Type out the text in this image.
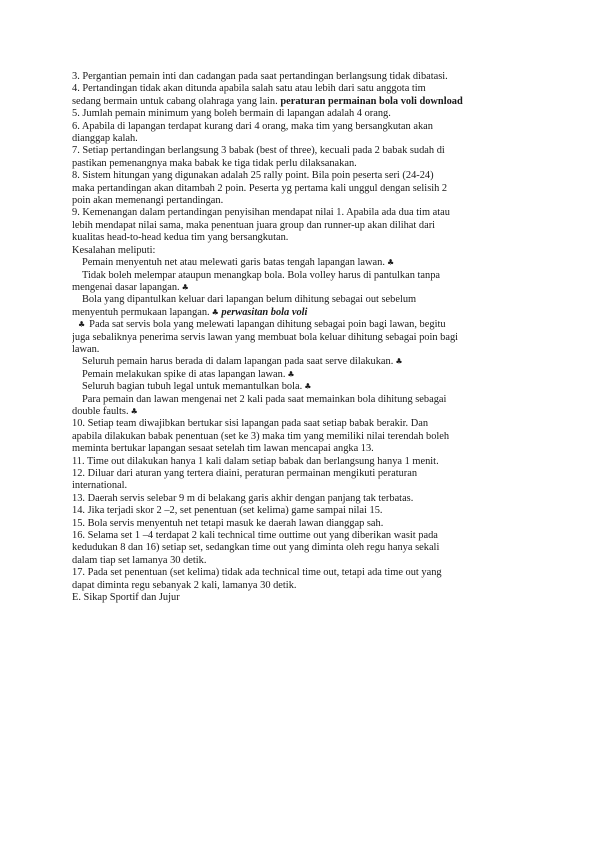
3. Pergantian pemain inti dan cadangan pada saat pertandingan berlangsung tidak dibatasi.
4. Pertandingan tidak akan ditunda apabila salah satu atau lebih dari satu anggota tim
sedang bermain untuk cabang olahraga yang lain. peraturan permainan bola voli download
5. Jumlah pemain minimum yang boleh bermain di lapangan adalah 4 orang.
6. Apabila di lapangan terdapat kurang dari 4 orang, maka tim yang bersangkutan akan
dianggap kalah.
7. Setiap pertandingan berlangsung 3 babak (best of three), kecuali pada 2 babak sudah di
pastikan pemenangnya maka babak ke tiga tidak perlu dilaksanakan.
8. Sistem hitungan yang digunakan adalah 25 rally point. Bila poin peserta seri (24-24)
maka pertandingan akan ditambah 2 poin. Peserta yg pertama kali unggul dengan selisih 2
poin akan memenangi pertandingan.
9. Kemenangan dalam pertandingan penyisihan mendapat nilai 1. Apabila ada dua tim atau
lebih mendapat nilai sama, maka penentuan juara group dan runner-up akan dilihat dari
kualitas head-to-head kedua tim yang bersangkutan.
Kesalahan meliputi:
Pemain menyentuh net atau melewati garis batas tengah lapangan lawan. ♣
Tidak boleh melempar ataupun menangkap bola. Bola volley harus di pantulkan tanpa
mengenai dasar lapangan. ♣
Bola yang dipantulkan keluar dari lapangan belum dihitung sebagai out sebelum
menyentuh permukaan lapangan. ♣ perwasitan bola voli
♣ Pada sat servis bola yang melewati lapangan dihitung sebagai poin bagi lawan, begitu
juga sebaliknya penerima servis lawan yang membuat bola keluar dihitung sebagai poin bagi
lawan.
Seluruh pemain harus berada di dalam lapangan pada saat serve dilakukan. ♣
Pemain melakukan spike di atas lapangan lawan. ♣
Seluruh bagian tubuh legal untuk memantulkan bola. ♣
Para pemain dan lawan mengenai net 2 kali pada saat memainkan bola dihitung sebagai
double faults. ♣
10. Setiap team diwajibkan bertukar sisi lapangan pada saat setiap babak berakir. Dan
apabila dilakukan babak penentuan (set ke 3) maka tim yang memiliki nilai terendah boleh
meminta bertukar lapangan sesaat setelah tim lawan mencapai angka 13.
11. Time out dilakukan hanya 1 kali dalam setiap babak dan berlangsung hanya 1 menit.
12. Diluar dari aturan yang tertera diaini, peraturan permainan mengikuti peraturan
international.
13. Daerah servis selebar 9 m di belakang garis akhir dengan panjang tak terbatas.
14. Jika terjadi skor 2 –2, set penentuan (set kelima) game sampai nilai 15.
15. Bola servis menyentuh net tetapi masuk ke daerah lawan dianggap sah.
16. Selama set 1 –4 terdapat 2 kali technical time outtime out yang diberikan wasit pada
kedudukan 8 dan 16) setiap set, sedangkan time out yang diminta oleh regu hanya sekali
dalam tiap set lamanya 30 detik.
17. Pada set penentuan (set kelima) tidak ada technical time out, tetapi ada time out yang
dapat diminta regu sebanyak 2 kali, lamanya 30 detik.
E. Sikap Sportif dan Jujur
